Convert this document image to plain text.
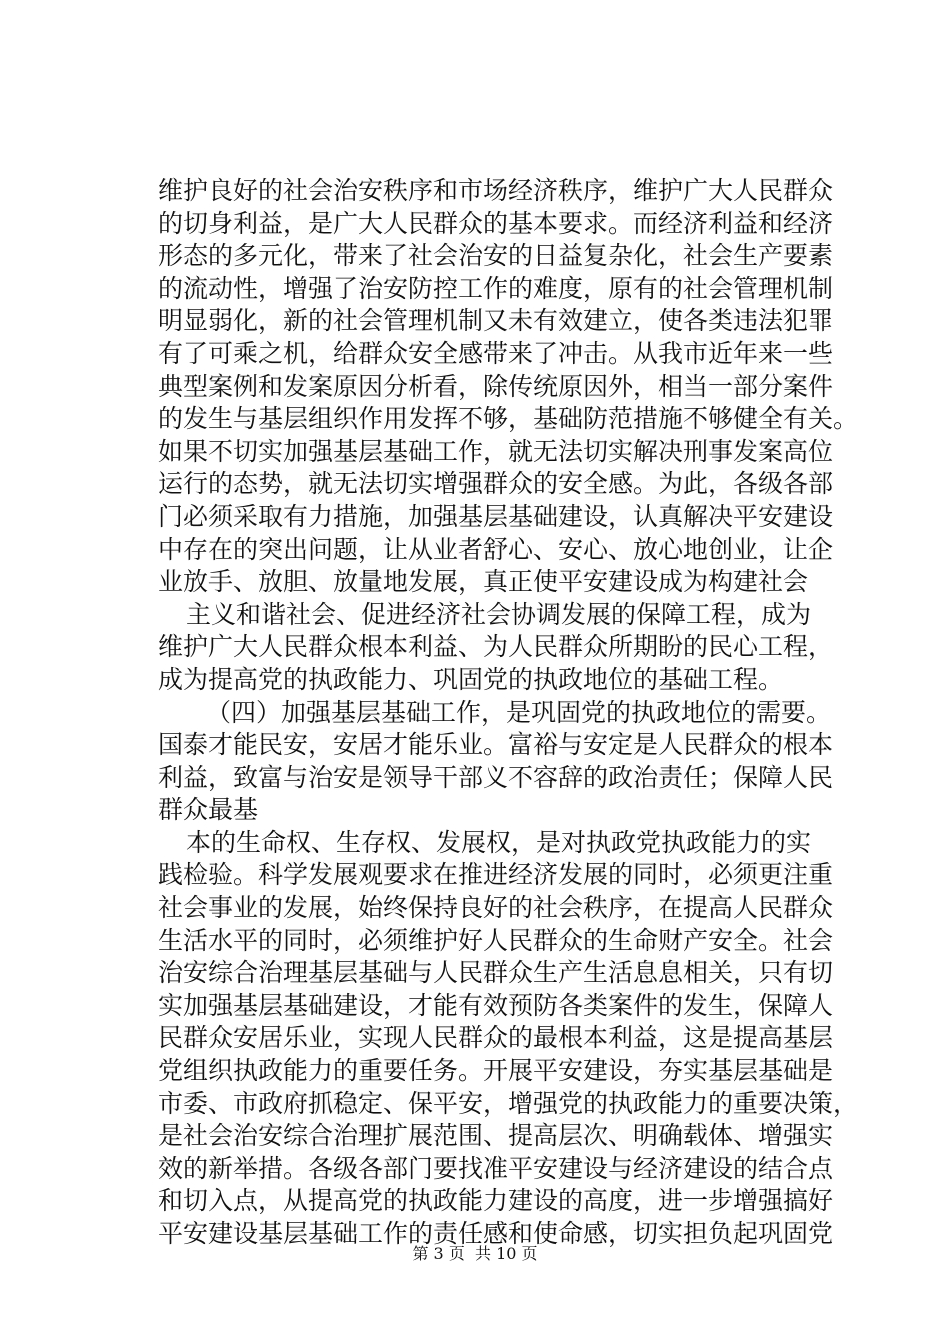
维护良好的社会治安秩序和市场经济秩序，维护广大人民群众
的切身利益，是广大人民群众的基本要求。而经济利益和经济
形态的多元化，带来了社会治安的日益复杂化，社会生产要素
的流动性，增强了治安防控工作的难度，原有的社会管理机制
明显弱化，新的社会管理机制又未有效建立，使各类违法犯罪
有了可乘之机，给群众安全感带来了冲击。从我市近年来一些
典型案例和发案原因分析看，除传统原因外，相当一部分案件
的发生与基层组织作用发挥不够，基础防范措施不够健全有关。
如果不切实加强基层基础工作，就无法切实解决刑事发案高位
运行的态势，就无法切实增强群众的安全感。为此，各级各部
门必须采取有力措施，加强基层基础建设，认真解决平安建设
中存在的突出问题，让从业者舒心、安心、放心地创业，让企
业放手、放胆、放量地发展，真正使平安建设成为构建社会
主义和谐社会、促进经济社会协调发展的保障工程，成为
维护广大人民群众根本利益、为人民群众所期盼的民心工程，
成为提高党的执政能力、巩固党的执政地位的基础工程。
（四）加强基层基础工作，是巩固党的执政地位的需要。
国泰才能民安，安居才能乐业。富裕与安定是人民群众的根本
利益，致富与治安是领导干部义不容辞的政治责任；保障人民
群众最基
本的生命权、生存权、发展权，是对执政党执政能力的实
践检验。科学发展观要求在推进经济发展的同时，必须更注重
社会事业的发展，始终保持良好的社会秩序，在提高人民群众
生活水平的同时，必须维护好人民群众的生命财产安全。社会
治安综合治理基层基础与人民群众生产生活息息相关，只有切
实加强基层基础建设，才能有效预防各类案件的发生，保障人
民群众安居乐业，实现人民群众的最根本利益，这是提高基层
党组织执政能力的重要任务。开展平安建设，夯实基层基础是
市委、市政府抓稳定、保平安，增强党的执政能力的重要决策，
是社会治安综合治理扩展范围、提高层次、明确载体、增强实
效的新举措。各级各部门要找准平安建设与经济建设的结合点
和切入点，从提高党的执政能力建设的高度，进一步增强搞好
平安建设基层基础工作的责任感和使命感，切实担负起巩固党
第 3 页  共 10 页
